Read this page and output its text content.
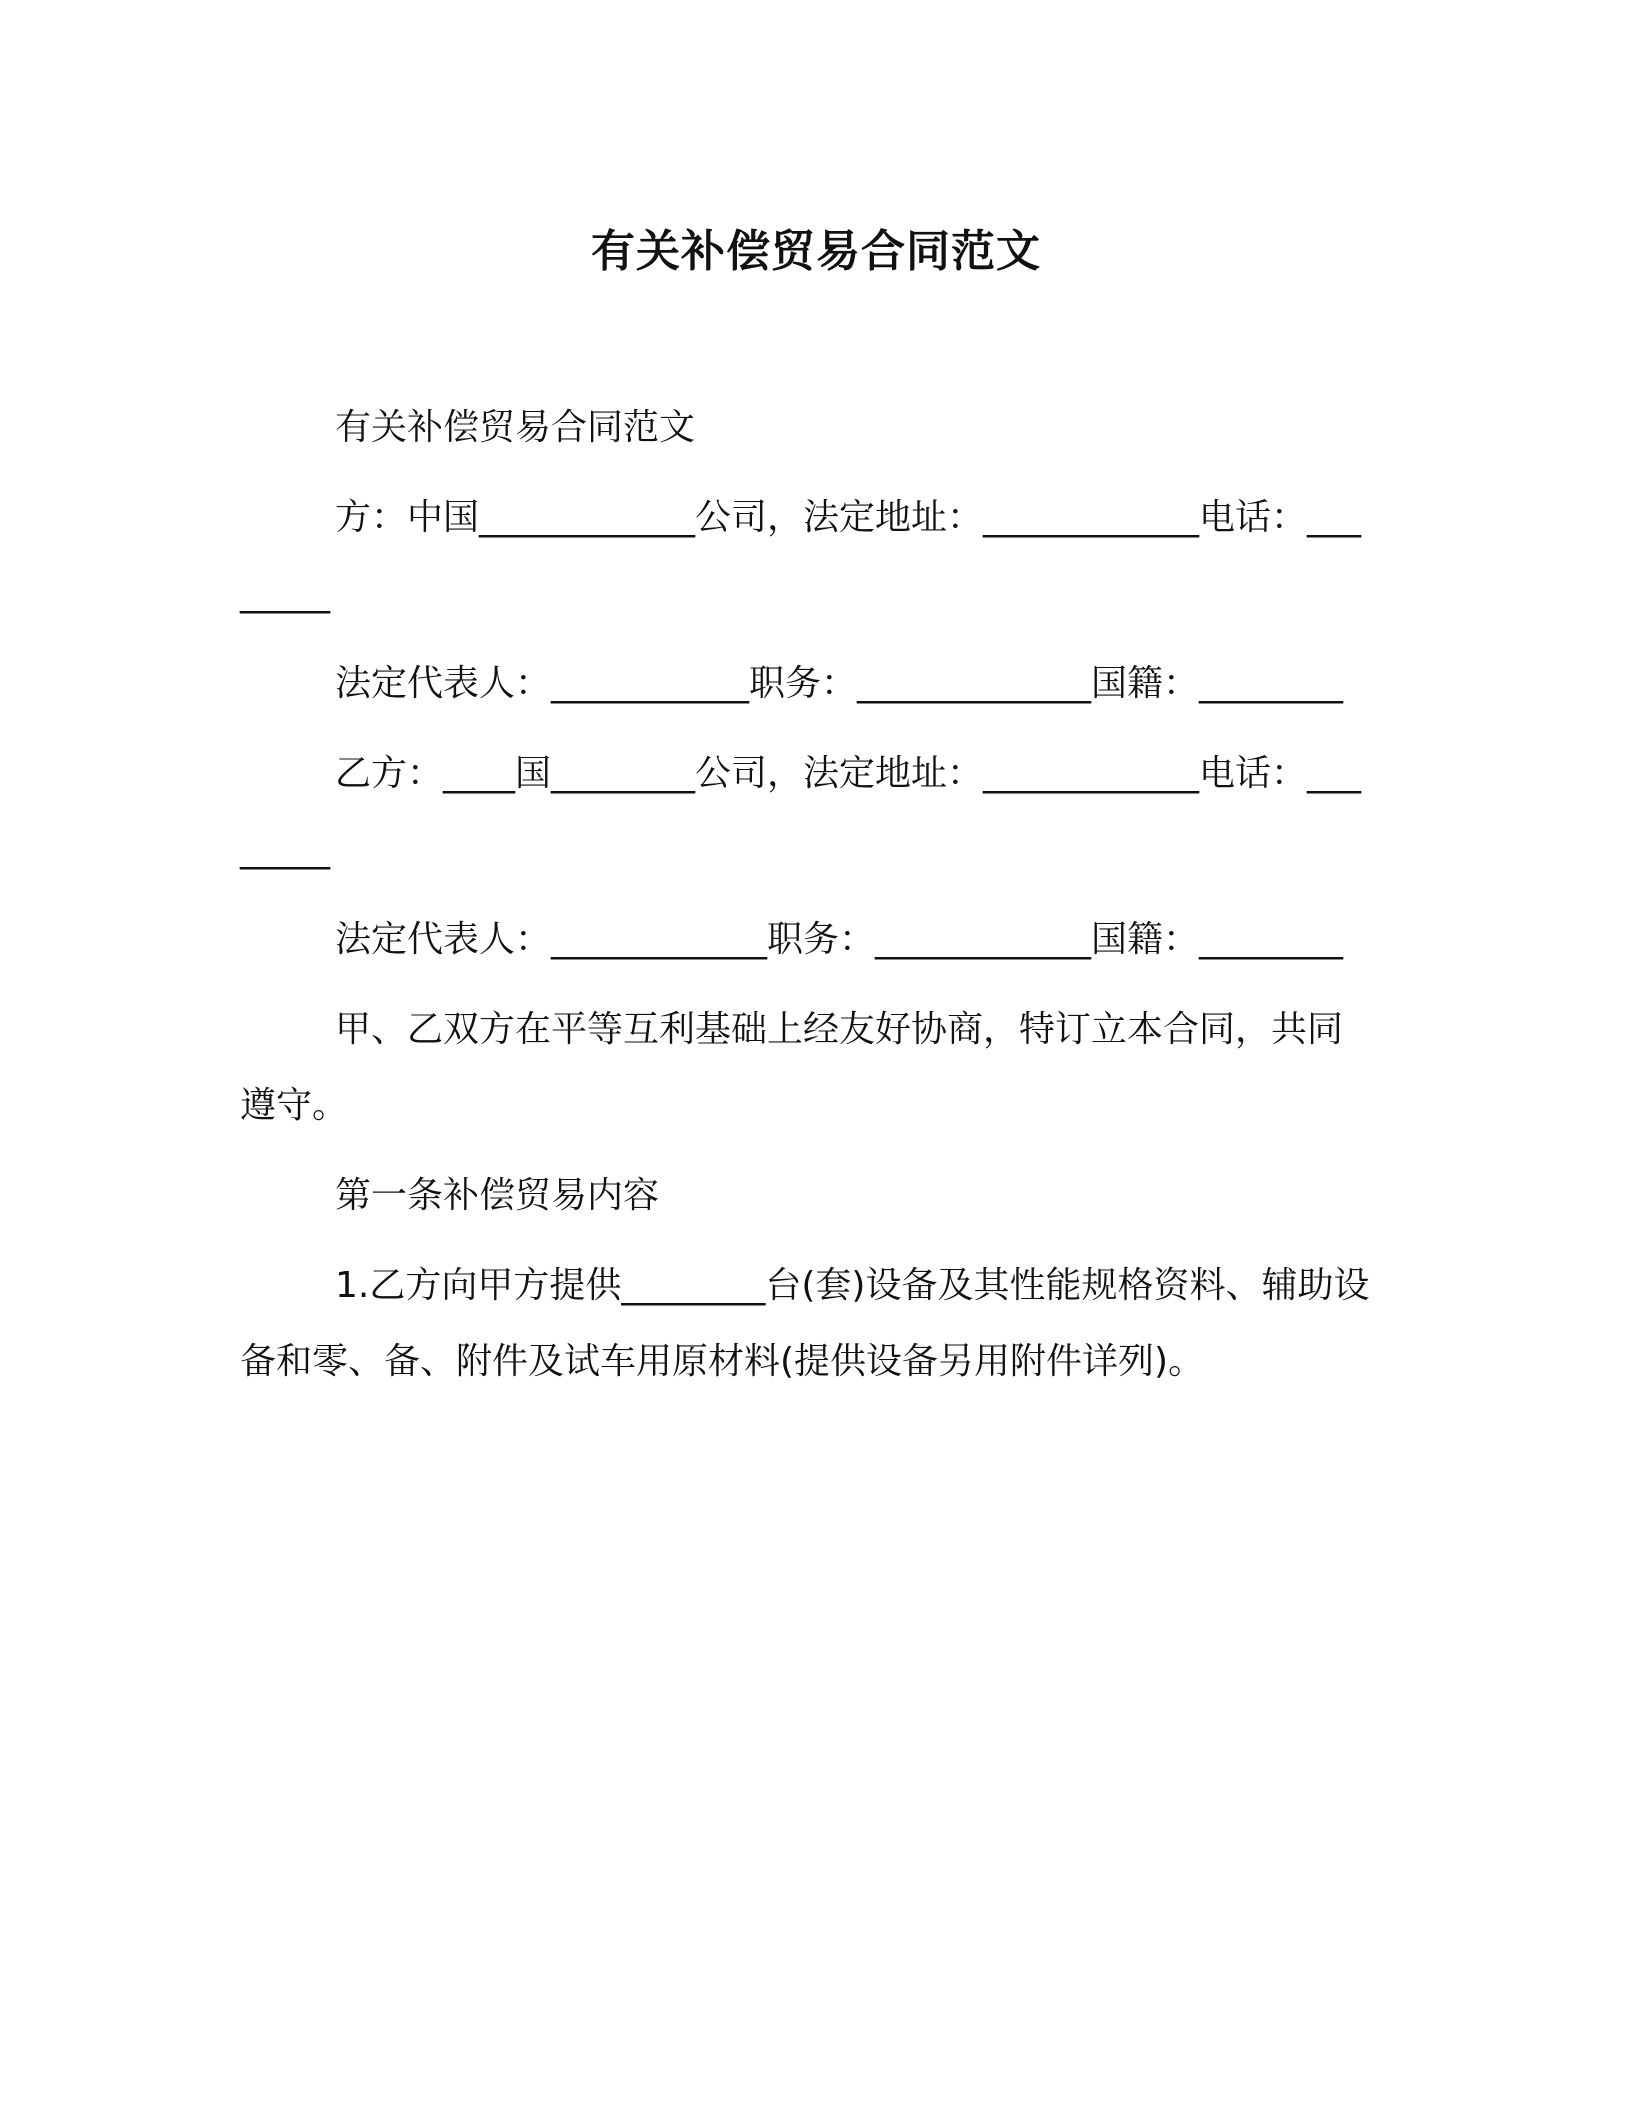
有关补偿贸易合同范文

有关补偿贸易合同范文

方：中国____________公司，法定地址：____________电话：________

法定代表人：___________职务：_____________国籍：________

乙方：____国________公司，法定地址：____________电话：________

法定代表人：____________职务：____________国籍：________

甲、乙双方在平等互利基础上经友好协商，特订立本合同，共同遵守。

第一条补偿贸易内容

1.乙方向甲方提供________台(套)设备及其性能规格资料、辅助设备和零、备、附件及试车用原材料(提供设备另用附件详列)。
